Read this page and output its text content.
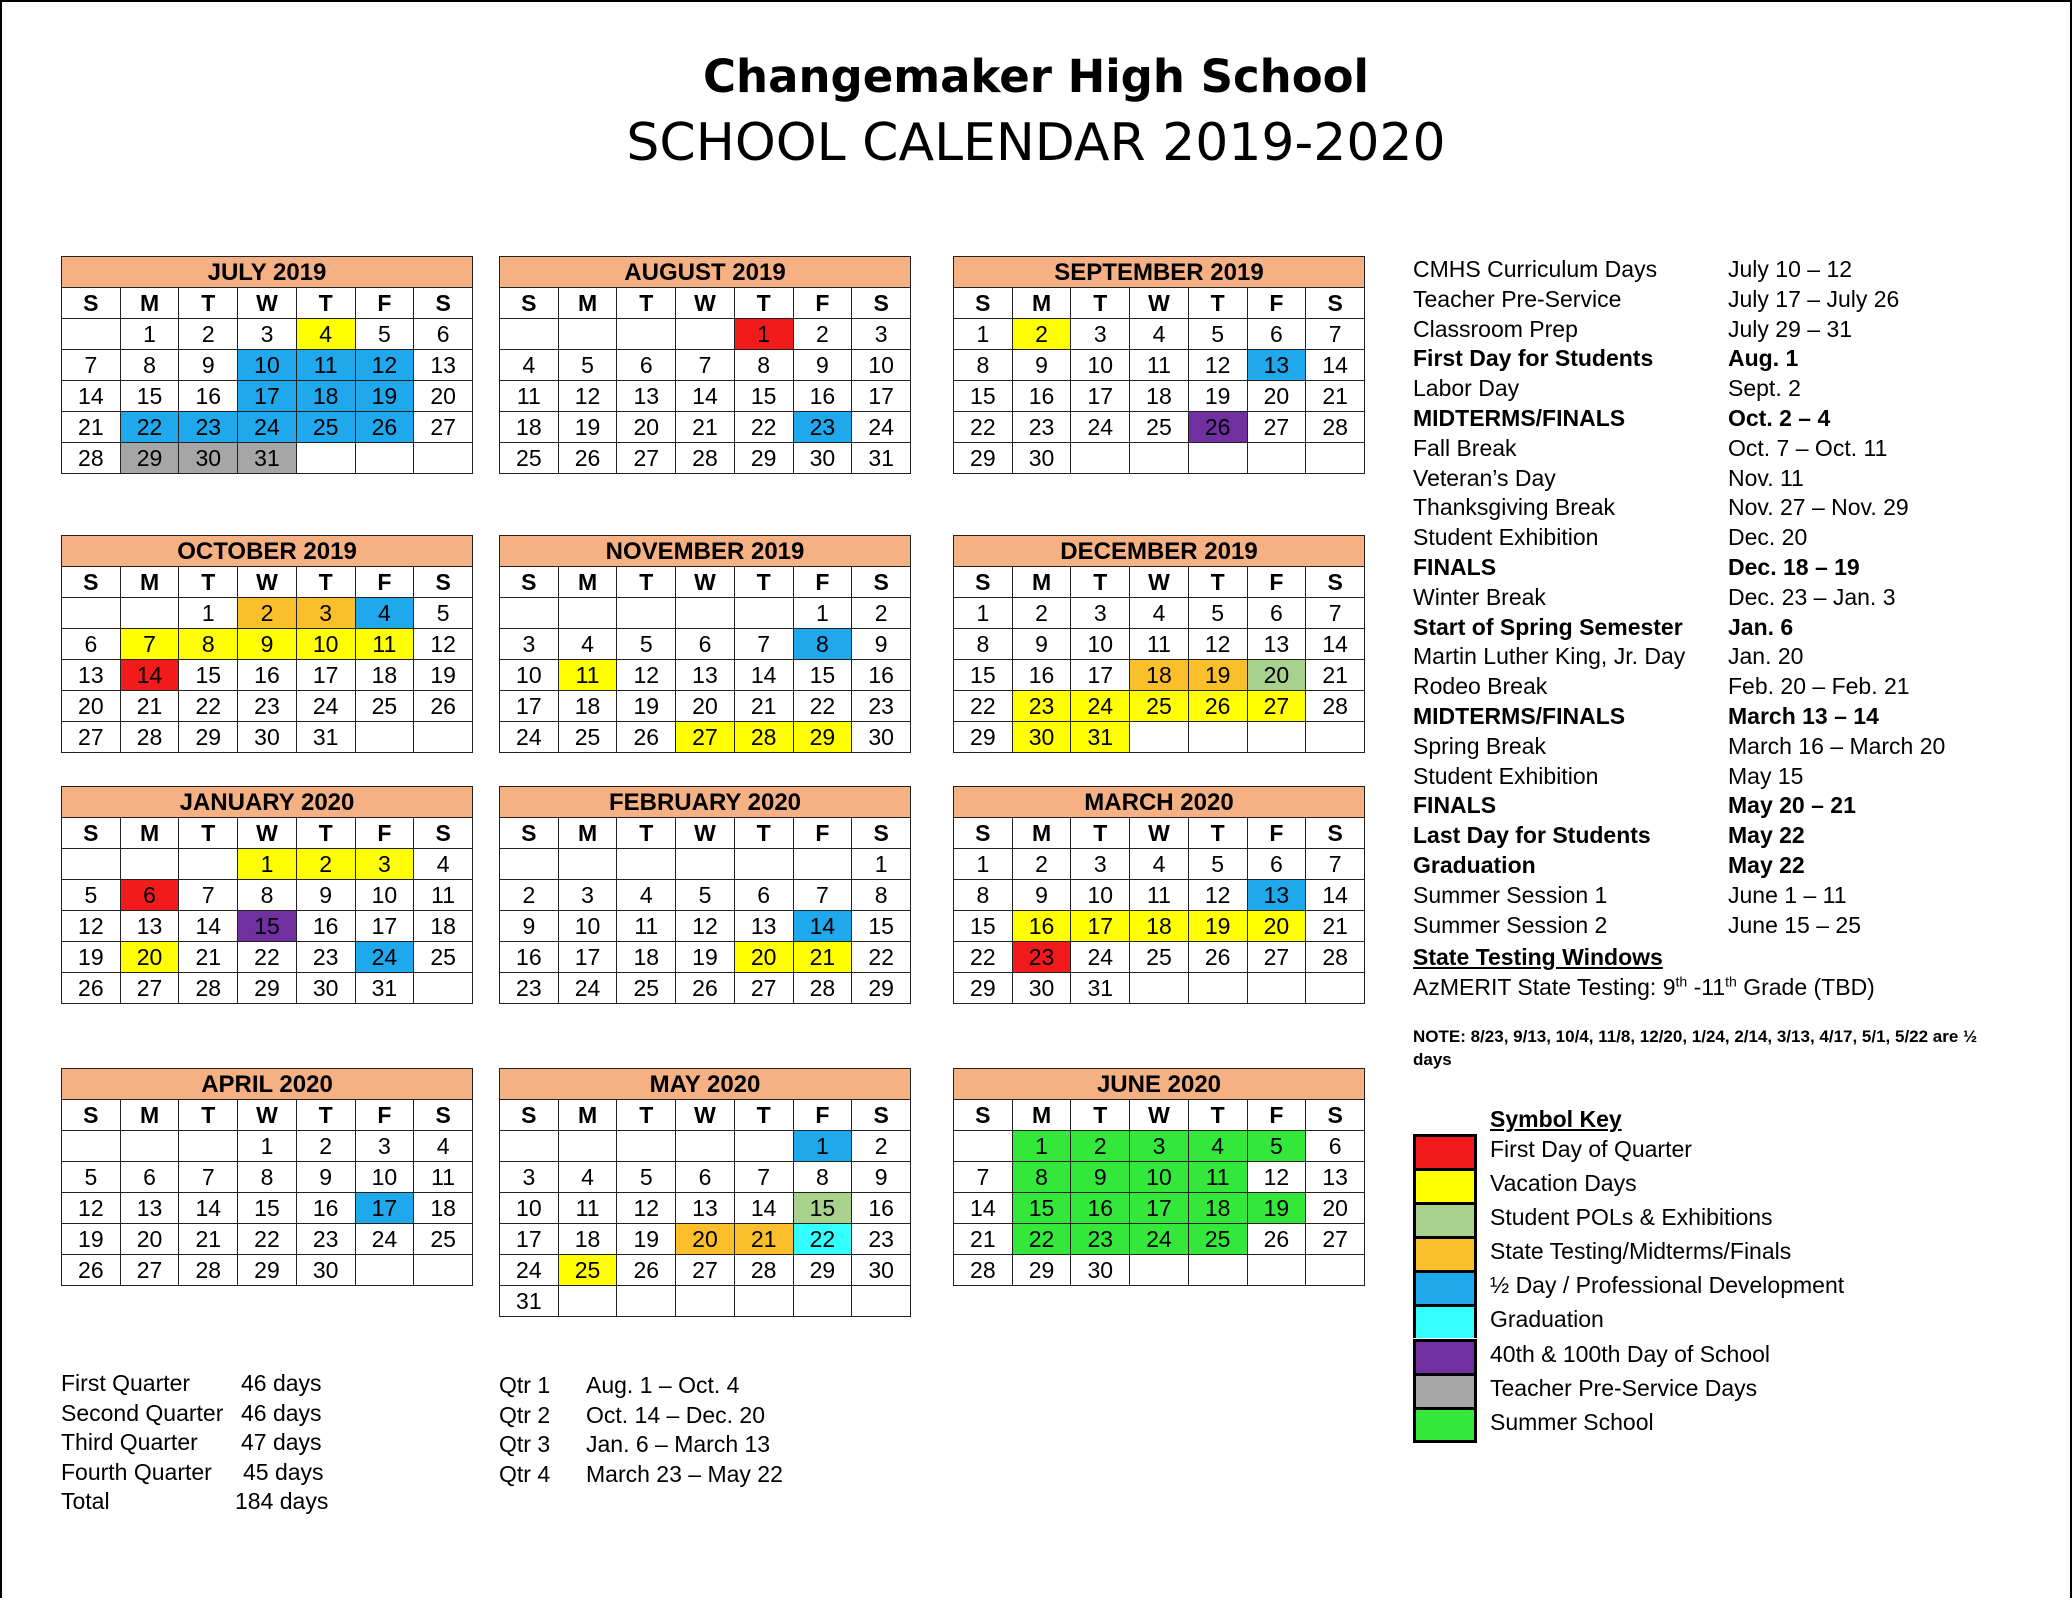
Changemaker High School
SCHOOL CALENDAR 2019-2020
JULY 2019						
S	M	T	W	T	F	S
	1	2	3	4	5	6
7	8	9	10	11	12	13
14	15	16	17	18	19	20
21	22	23	24	25	26	27
28	29	30	31			
AUGUST 2019						
S	M	T	W	T	F	S
				1	2	3
4	5	6	7	8	9	10
11	12	13	14	15	16	17
18	19	20	21	22	23	24
25	26	27	28	29	30	31
SEPTEMBER 2019						
S	M	T	W	T	F	S
1	2	3	4	5	6	7
8	9	10	11	12	13	14
15	16	17	18	19	20	21
22	23	24	25	26	27	28
29	30					
OCTOBER 2019						
S	M	T	W	T	F	S
		1	2	3	4	5
6	7	8	9	10	11	12
13	14	15	16	17	18	19
20	21	22	23	24	25	26
27	28	29	30	31		
NOVEMBER 2019						
S	M	T	W	T	F	S
					1	2
3	4	5	6	7	8	9
10	11	12	13	14	15	16
17	18	19	20	21	22	23
24	25	26	27	28	29	30
DECEMBER 2019						
S	M	T	W	T	F	S
1	2	3	4	5	6	7
8	9	10	11	12	13	14
15	16	17	18	19	20	21
22	23	24	25	26	27	28
29	30	31				
JANUARY 2020						
S	M	T	W	T	F	S
			1	2	3	4
5	6	7	8	9	10	11
12	13	14	15	16	17	18
19	20	21	22	23	24	25
26	27	28	29	30	31	
FEBRUARY 2020						
S	M	T	W	T	F	S
						1
2	3	4	5	6	7	8
9	10	11	12	13	14	15
16	17	18	19	20	21	22
23	24	25	26	27	28	29
MARCH 2020						
S	M	T	W	T	F	S
1	2	3	4	5	6	7
8	9	10	11	12	13	14
15	16	17	18	19	20	21
22	23	24	25	26	27	28
29	30	31				
APRIL 2020						
S	M	T	W	T	F	S
			1	2	3	4
5	6	7	8	9	10	11
12	13	14	15	16	17	18
19	20	21	22	23	24	25
26	27	28	29	30		
MAY 2020						
S	M	T	W	T	F	S
					1	2
3	4	5	6	7	8	9
10	11	12	13	14	15	16
17	18	19	20	21	22	23
24	25	26	27	28	29	30
31						
JUNE 2020						
S	M	T	W	T	F	S
	1	2	3	4	5	6
7	8	9	10	11	12	13
14	15	16	17	18	19	20
21	22	23	24	25	26	27
28	29	30				
CMHS Curriculum Days	July 10 – 12
Teacher Pre-Service	July 17 – July 26
Classroom Prep	July 29 – 31
First Day for Students	Aug. 1
Labor Day	Sept. 2
MIDTERMS/FINALS	Oct. 2 – 4
Fall Break	Oct. 7 – Oct. 11
Veteran’s Day	Nov. 11
Thanksgiving Break	Nov. 27 – Nov. 29
Student Exhibition	Dec. 20
FINALS	Dec. 18 – 19
Winter Break	Dec. 23 – Jan. 3
Start of Spring Semester Jan. 6
Martin Luther King, Jr. Day Jan. 20
Rodeo Break	Feb. 20 – Feb. 21
MIDTERMS/FINALS	March 13 – 14
Spring Break	March 16 – March 20
Student Exhibition	May 15
FINALS	May 20 – 21
Last Day for Students	May 22
Graduation	May 22
Summer Session 1	June 1 – 11
Summer Session 2	June 15 – 25
State Testing Windows
AzMERIT State Testing: 9th -11th Grade (TBD)
NOTE: 8/23, 9/13, 10/4, 11/8, 12/20, 1/24, 2/14, 3/13, 4/17, 5/1, 5/22 are ½ days
Symbol Key
First Day of Quarter
Vacation Days
Student POLs & Exhibitions
State Testing/Midterms/Finals
½ Day / Professional Development
Graduation
40th & 100th Day of School
Teacher Pre-Service Days
Summer School
First Quarter 46 days
Second Quarter 46 days
Third Quarter 47 days
Fourth Quarter 45 days
Total	184 days
Qtr 1 Aug. 1 – Oct. 4
Qtr 2 Oct. 14 – Dec. 20
Qtr 3 Jan. 6 – March 13
Qtr 4 March 23 – May 22
